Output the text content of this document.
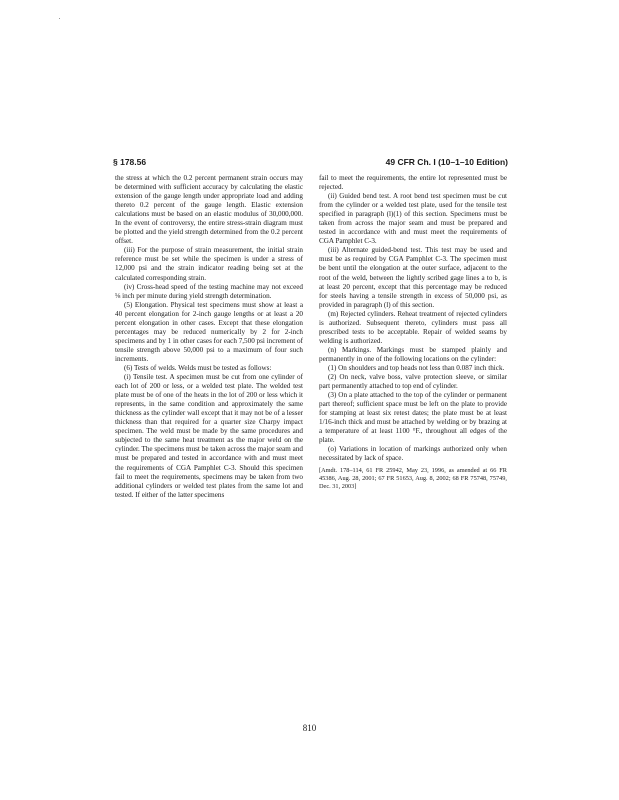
§ 178.56	49 CFR Ch. I (10–1–10 Edition)

the stress at which the 0.2 percent permanent strain occurs may be determined with sufficient accuracy by calculating the elastic extension of the gauge length under appropriate load and adding thereto 0.2 percent of the gauge length. Elastic extension calculations must be based on an elastic modulus of 30,000,000. In the event of controversy, the entire stress-strain diagram must be plotted and the yield strength determined from the 0.2 percent offset.

(iii) For the purpose of strain measurement, the initial strain reference must be set while the specimen is under a stress of 12,000 psi and the strain indicator reading being set at the calculated corresponding strain.

(iv) Cross-head speed of the testing machine may not exceed ⅛ inch per minute during yield strength determination.

(5) Elongation. Physical test specimens must show at least a 40 percent elongation for 2-inch gauge lengths or at least a 20 percent elongation in other cases. Except that these elongation percentages may be reduced numerically by 2 for 2-inch specimens and by 1 in other cases for each 7,500 psi increment of tensile strength above 50,000 psi to a maximum of four such increments.

(6) Tests of welds. Welds must be tested as follows:

(i) Tensile test. A specimen must be cut from one cylinder of each lot of 200 or less, or a welded test plate. The welded test plate must be of one of the heats in the lot of 200 or less which it represents, in the same condition and approximately the same thickness as the cylinder wall except that it may not be of a lesser thickness than that required for a quarter size Charpy impact specimen. The weld must be made by the same procedures and subjected to the same heat treatment as the major weld on the cylinder. The specimens must be taken across the major seam and must be prepared and tested in accordance with and must meet the requirements of CGA Pamphlet C-3. Should this specimen fail to meet the requirements, specimens may be taken from two additional cylinders or welded test plates from the same lot and tested. If either of the latter specimens

fail to meet the requirements, the entire lot represented must be rejected.

(ii) Guided bend test. A root bend test specimen must be cut from the cylinder or a welded test plate, used for the tensile test specified in paragraph (l)(1) of this section. Specimens must be taken from across the major seam and must be prepared and tested in accordance with and must meet the requirements of CGA Pamphlet C-3.

(iii) Alternate guided-bend test. This test may be used and must be as required by CGA Pamphlet C-3. The specimen must be bent until the elongation at the outer surface, adjacent to the root of the weld, between the lightly scribed gage lines a to b, is at least 20 percent, except that this percentage may be reduced for steels having a tensile strength in excess of 50,000 psi, as provided in paragraph (l) of this section.

(m) Rejected cylinders. Reheat treatment of rejected cylinders is authorized. Subsequent thereto, cylinders must pass all prescribed tests to be acceptable. Repair of welded seams by welding is authorized.

(n) Markings. Markings must be stamped plainly and permanently in one of the following locations on the cylinder:

(1) On shoulders and top heads not less than 0.087 inch thick.

(2) On neck, valve boss, valve protection sleeve, or similar part permanently attached to top end of cylinder.

(3) On a plate attached to the top of the cylinder or permanent part thereof; sufficient space must be left on the plate to provide for stamping at least six retest dates; the plate must be at least 1/16-inch thick and must be attached by welding or by brazing at a temperature of at least 1100 °F., throughout all edges of the plate.

(o) Variations in location of markings authorized only when necessitated by lack of space.

[Amdt. 178–114, 61 FR 25942, May 23, 1996, as amended at 66 FR 45386, Aug. 28, 2001; 67 FR 51653, Aug. 8, 2002; 68 FR 75748, 75749, Dec. 31, 2003]

810
